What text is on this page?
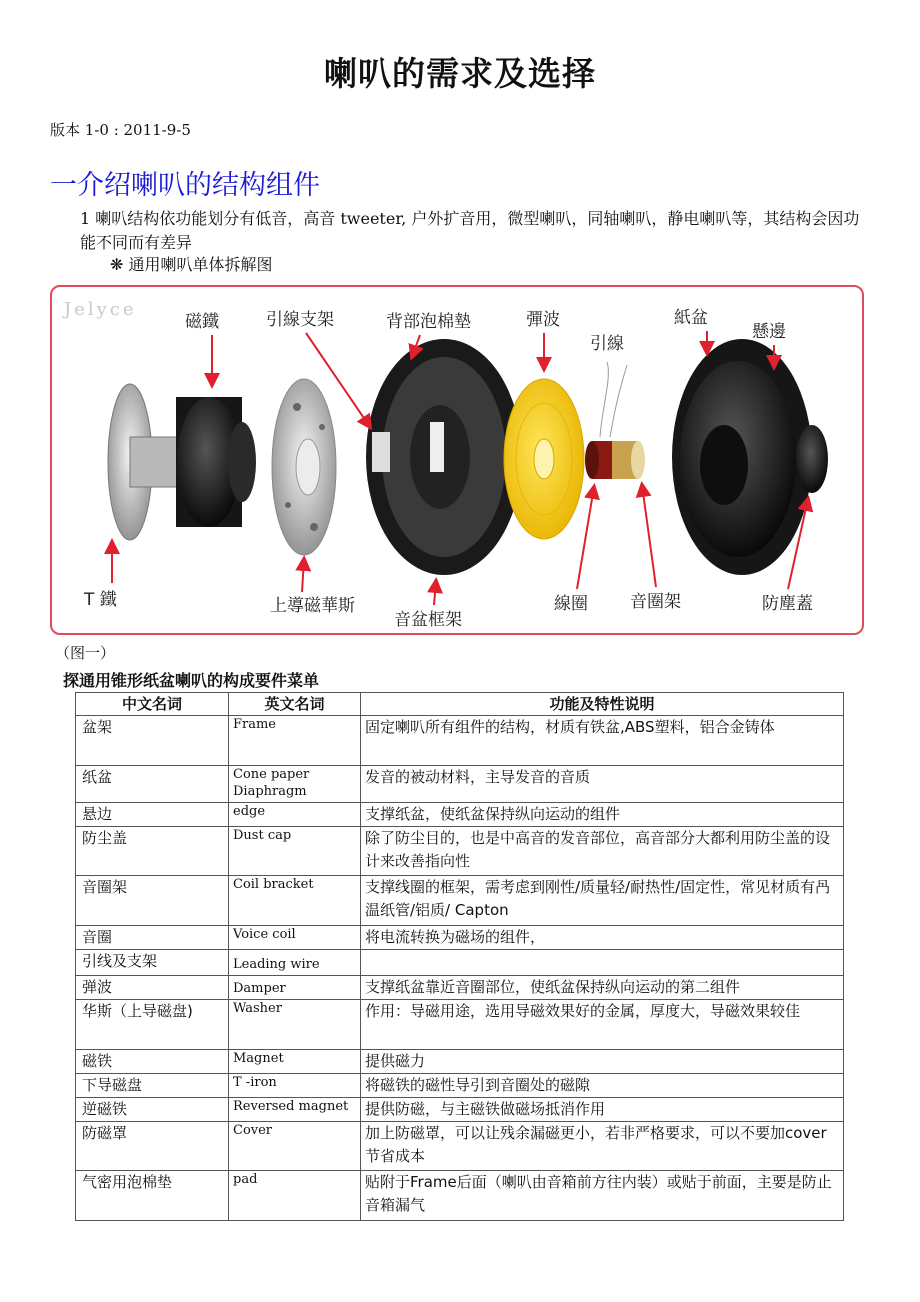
喇叭的需求及选择
版本 1-0 : 2011-9-5
一介绍喇叭的结构组件
1 喇叭结构依功能划分有低音，高音 tweeter, 户外扩音用，微型喇叭，同轴喇叭，静电喇叭等，其结构会因功能不同而有差异
❋ 通用喇叭单体拆解图
Jelyce
磁鐵	引線支架	背部泡棉墊	彈波
引線
紙盆
懸邊
T 鐵	上導磁華斯
音盆框架
線圈 音圈架	防塵蓋
（图一）
探通用锥形纸盆喇叭的构成要件菜单
中文名词	英文名词	功能及特性说明
盆架	Frame	固定喇叭所有组件的结构，材质有铁盆,ABS塑料，铝合金铸体
纸盆	Cone paper Diaphragm	发音的被动材料，主导发音的音质
悬边	edge	支撑纸盆，使纸盆保持纵向运动的组件
防尘盖	Dust cap	除了防尘目的，也是中高音的发音部位，高音部分大都利用防尘盖的设计来改善指向性
音圈架	Coil bracket	支撑线圈的框架，需考虑到刚性/质量轻/耐热性/固定性，常见材质有冎温纸管/铝质/ Capton
音圈	Voice coil	将电流转换为磁场的组件，
引线及支架	Leading wire	
弹波	Damper	支撑纸盆靠近音圈部位，使纸盆保持纵向运动的第二组件
华斯（上导磁盘)	Washer	作用：导磁用途，选用导磁效果好的金属，厚度大，导磁效果较佳
磁铁	Magnet	提供磁力
下导磁盘	T -iron	将磁铁的磁性导引到音圈处的磁隙
逆磁铁	Reversed magnet	提供防磁，与主磁铁做磁场抵消作用
防磁罩	Cover	加上防磁罩，可以让残余漏磁更小，若非严格要求，可以不要加cover节省成本
气密用泡棉垫	pad	贴附于Frame后面（喇叭由音箱前方往内装）或贴于前面，主要是防止音箱漏气
